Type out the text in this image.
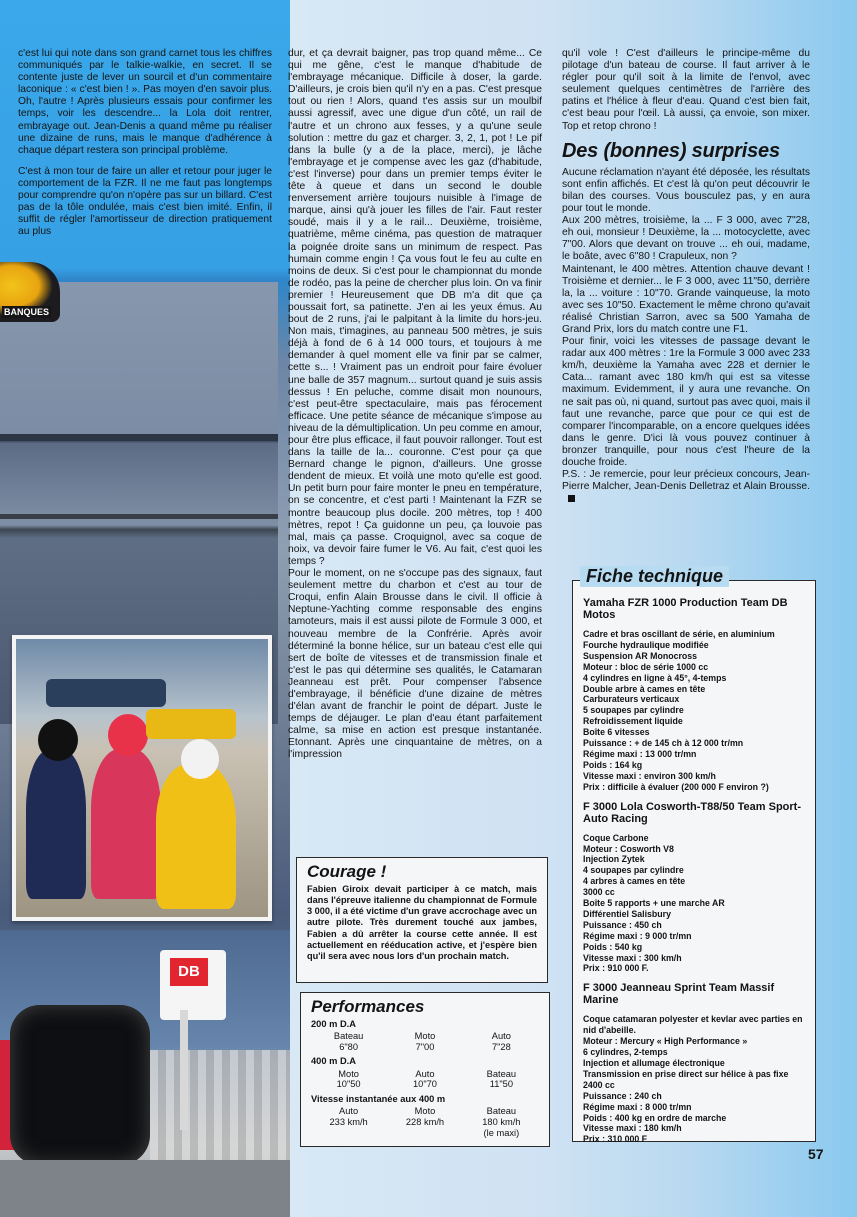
c'est lui qui note dans son grand carnet tous les chiffres communiqués par le talkie-walkie, en secret. Il se contente juste de lever un sourcil et d'un commentaire laconique : « c'est bien ! ». Pas moyen d'en savoir plus. Oh, l'autre ! Après plusieurs essais pour confirmer les temps, voir les descendre... la Lola doit rentrer, embrayage out. Jean-Denis a quand même pu réaliser une dizaine de runs, mais le manque d'adhérence à chaque départ restera son principal problème.

C'est à mon tour de faire un aller et retour pour juger le comportement de la FZR. Il ne me faut pas longtemps pour comprendre qu'on n'opère pas sur un billard. C'est pas de la tôle ondulée, mais c'est bien imité. Enfin, il suffit de régler l'amortisseur de direction pratiquement au plus

BANQUES
DB

dur, et ça devrait baigner, pas trop quand même... Ce qui me gêne, c'est le manque d'habitude de l'embrayage mécanique. Difficile à doser, la garde. D'ailleurs, je crois bien qu'il n'y en a pas. C'est presque tout ou rien ! Alors, quand t'es assis sur un moulbif aussi agressif, avec une digue d'un côté, un rail de l'autre et un chrono aux fesses, y a qu'une seule solution : mettre du gaz et charger. 3, 2, 1, pot ! Le pif dans la bulle (y a de la place, merci), je lâche l'embrayage et je compense avec les gaz (d'habitude, c'est l'inverse) pour dans un premier temps éviter le tête à queue et dans un second le double renversement arrière toujours nuisible à l'image de marque, ainsi qu'à jouer les filles de l'air. Faut rester soudé, mais il y a le rail... Deuxième, troisième, quatrième, même cinéma, pas question de matraquer la poignée droite sans un minimum de respect. Pas humain comme engin ! Ça vous fout le feu au culte en moins de deux. Si c'est pour le championnat du monde de rodéo, pas la peine de chercher plus loin. On va finir premier ! Heureusement que DB m'a dit que ça poussait fort, sa patinette. J'en ai les yeux émus. Au bout de 2 runs, j'ai le palpitant à la limite du hors-jeu. Non mais, t'imagines, au panneau 500 mètres, je suis déjà à fond de 6 à 14 000 tours, et toujours à me demander à quel moment elle va finir par se calmer, cette s... ! Vraiment pas un endroit pour faire évoluer une balle de 357 magnum... surtout quand je suis assis dessus ! En peluche, comme disait mon nounours, c'est peut-être spectaculaire, mais pas férocement efficace. Une petite séance de mécanique s'impose au niveau de la démultiplication. Un peu comme en amour, pour être plus efficace, il faut pouvoir rallonger. Tout est dans la taille de la... couronne. C'est pour ça que Bernard change le pignon, d'ailleurs. Une grosse dendent de mieux. Et voilà une moto qu'elle est good. Un petit burn pour faire monter le pneu en température, on se concentre, et c'est parti ! Maintenant la FZR se montre beaucoup plus docile. 200 mètres, top ! 400 mètres, repot ! Ça guidonne un peu, ça louvoie pas mal, mais ça passe. Croquignol, avec sa coque de noix, va devoir faire fumer le V6. Au fait, c'est quoi les temps ?

Pour le moment, on ne s'occupe pas des signaux, faut seulement mettre du charbon et c'est au tour de Croqui, enfin Alain Brousse dans le civil. Il officie à Neptune-Yachting comme responsable des engins tamoteurs, mais il est aussi pilote de Formule 3 000, et nouveau membre de la Confrérie. Après avoir déterminé la bonne hélice, sur un bateau c'est elle qui sert de boîte de vitesses et de transmission finale et c'est le pas qui détermine ses qualités, le Catamaran Jeanneau est prêt. Pour compenser l'absence d'embrayage, il bénéficie d'une dizaine de mètres d'élan avant de franchir le point de départ. Juste le temps de déjauger. Le plan d'eau étant parfaitement calme, sa mise en action est presque instantanée. Etonnant. Après une cinquantaine de mètres, on a l'impression

Courage !
Fabien Giroix devait participer à ce match, mais dans l'épreuve italienne du championnat de Formule 3 000, il a été victime d'un grave accrochage avec un autre pilote. Très durement touché aux jambes, Fabien a dû arrêter la course cette année. Il est actuellement en rééducation active, et j'espère bien qu'il sera avec nous lors d'un prochain match.
Performances
200 m D.A
Bateau	Moto	Auto
6"80	7"00	7"28
400 m D.A
Moto	Auto	Bateau
10"50	10"70	11"50
Vitesse instantanée aux 400 m
Auto	Moto	Bateau
233 km/h	228 km/h	180 km/h
(le maxi)

qu'il vole ! C'est d'ailleurs le principe-même du pilotage d'un bateau de course. Il faut arriver à le régler pour qu'il soit à la limite de l'envol, avec seulement quelques centimètres de l'arrière des patins et l'hélice à fleur d'eau. Quand c'est bien fait, c'est beau pour l'œil. Là aussi, ça envoie, son mixer. Top et retop chrono !

Des (bonnes) surprises

Aucune réclamation n'ayant été déposée, les résultats sont enfin affichés. Et c'est là qu'on peut découvrir le bilan des courses. Vous bousculez pas, y en aura pour tout le monde.

Aux 200 mètres, troisième, la ... F 3 000, avec 7"28, eh oui, monsieur ! Deuxième, la ... motocyclette, avec 7"00. Alors que devant on trouve ... eh oui, madame, le boâte, avec 6"80 ! Crapuleux, non ?

Maintenant, le 400 mètres. Attention chauve devant ! Troisième et dernier... le F 3 000, avec 11"50, derrière la, la ... voiture : 10"70. Grande vainqueuse, la moto avec ses 10"50. Exactement le même chrono qu'avait réalisé Christian Sarron, avec sa 500 Yamaha de Grand Prix, lors du match contre une F1.

Pour finir, voici les vitesses de passage devant le radar aux 400 mètres : 1re la Formule 3 000 avec 233 km/h, deuxième la Yamaha avec 228 et dernier le Cata... ramant avec 180 km/h qui est sa vitesse maximum. Evidemment, il y aura une revanche. On ne sait pas où, ni quand, surtout pas avec quoi, mais il faut une revanche, parce que pour ce qui est de comparer l'incomparable, on a encore quelques idées dans le genre. D'ici là vous pouvez continuer à bronzer tranquille, pour nous c'est l'heure de la douche froide.

P.S. : Je remercie, pour leur précieux concours, Jean-Pierre Malcher, Jean-Denis Delletraz et Alain Brousse.

Yamaha FZR 1000 Production Team DB Motos
Cadre et bras oscillant de série, en aluminium
Fourche hydraulique modifiée
Suspension AR Monocross
Moteur : bloc de série 1000 cc
4 cylindres en ligne à 45°, 4-temps
Double arbre à cames en tête
Carburateurs verticaux
5 soupapes par cylindre
Refroidissement liquide
Boîte 6 vitesses
Puissance : + de 145 ch à 12 000 tr/mn
Régime maxi : 13 000 tr/mn
Poids : 164 kg
Vitesse maxi : environ 300 km/h
Prix : difficile à évaluer (200 000 F environ ?)
F 3000 Lola Cosworth-T88/50 Team Sport-Auto Racing
Coque Carbone
Moteur : Cosworth V8
Injection Zytek
4 soupapes par cylindre
4 arbres à cames en tête
3000 cc
Boîte 5 rapports + une marche AR
Différentiel Salisbury
Puissance : 450 ch
Régime maxi : 9 000 tr/mn
Poids : 540 kg
Vitesse maxi : 300 km/h
Prix : 910 000 F.
F 3000 Jeanneau Sprint Team Massif Marine
Coque catamaran polyester et kevlar avec parties en nid d'abeille.
Moteur : Mercury « High Performance »
6 cylindres, 2-temps
Injection et allumage électronique
Transmission en prise direct sur hélice à pas fixe
2400 cc
Puissance : 240 ch
Régime maxi : 8 000 tr/mn
Poids : 400 kg en ordre de marche
Vitesse maxi : 180 km/h
Prix : 310 000 F
Fiche technique
57
